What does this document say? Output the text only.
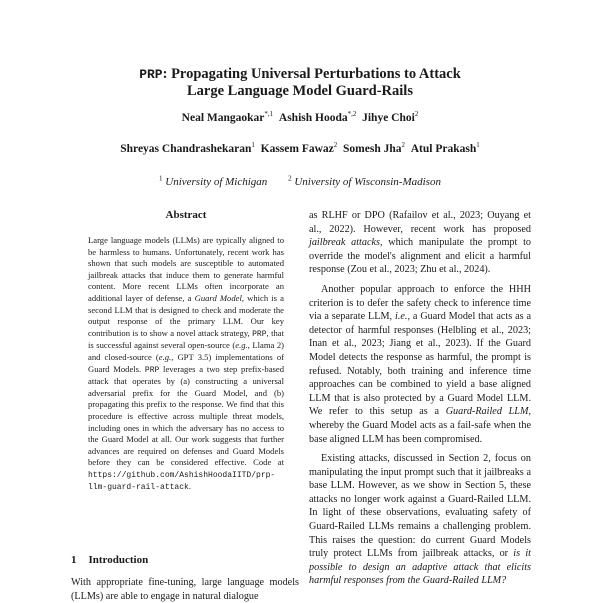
PRP: Propagating Universal Perturbations to Attack
Large Language Model Guard-Rails
Neal Mangaokar$^{*,1}$ Ashish Hooda$^{*,2}$ Jihye Choi$^2$
Shreyas Chandrashekaran$^1$ Kassem Fawaz$^2$ Somesh Jha$^2$ Atul Prakash$^1$
$^1$ University of Michigan	$^2$ University of Wisconsin-Madison
Abstract
Large language models (LLMs) are typically aligned to be harmless to humans. Unfortunately, recent work has shown that such models are susceptible to automated jailbreak attacks that induce them to generate harmful content. More recent LLMs often incorporate an additional layer of defense, a Guard Model, which is a second LLM that is designed to check and moderate the output response of the primary LLM. Our key contribution is to show a novel attack strategy, PRP, that is successful against several open-source (e.g., Llama 2) and closed-source (e.g., GPT 3.5) implementations of Guard Models. PRP leverages a two step prefix-based attack that operates by (a) constructing a universal adversarial prefix for the Guard Model, and (b) propagating this prefix to the response. We find that this procedure is effective across multiple threat models, including ones in which the adversary has no access to the Guard Model at all. Our work suggests that further advances are required on defenses and Guard Models before they can be considered effective. Code at https://github.com/AshishHoodaIITD/prp-llm-guard-rail-attack.
1 Introduction
With appropriate fine-tuning, large language models (LLMs) are able to engage in natural dialogue

as RLHF or DPO (Rafailov et al., 2023; Ouyang et al., 2022). However, recent work has proposed jailbreak attacks, which manipulate the prompt to override the model's alignment and elicit a harmful response (Zou et al., 2023; Zhu et al., 2024).

Another popular approach to enforce the HHH criterion is to defer the safety check to inference time via a separate LLM, i.e., a Guard Model that acts as a detector of harmful responses (Helbling et al., 2023; Inan et al., 2023; Jiang et al., 2023). If the Guard Model detects the response as harmful, the prompt is refused. Notably, both training and inference time approaches can be combined to yield a base aligned LLM that is also protected by a Guard Model LLM. We refer to this setup as a Guard-Railed LLM, whereby the Guard Model acts as a fail-safe when the base aligned LLM has been compromised.

Existing attacks, discussed in Section 2, focus on manipulating the input prompt such that it jailbreaks a base LLM. However, as we show in Section 5, these attacks no longer work against a Guard-Railed LLM. In light of these observations, evaluating safety of Guard-Railed LLMs remains a challenging problem. This raises the question: do current Guard Models truly protect LLMs from jailbreak attacks, or is it possible to design an adaptive attack that elicits harmful responses from the Guard-Railed LLM?
